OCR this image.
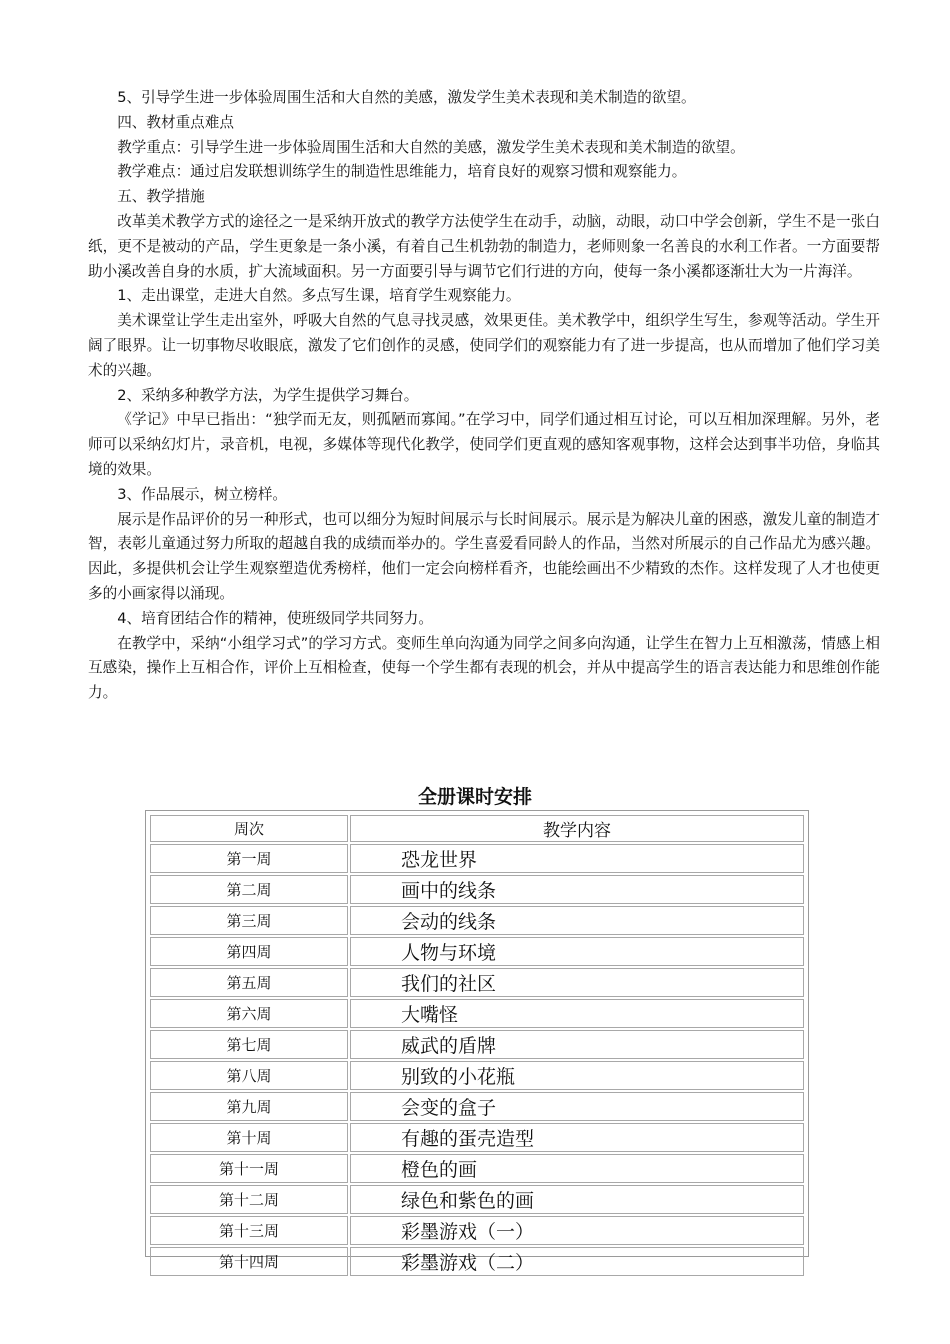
5、引导学生进一步体验周围生活和大自然的美感，激发学生美术表现和美术制造的欲望。

四、教材重点难点

教学重点：引导学生进一步体验周围生活和大自然的美感，激发学生美术表现和美术制造的欲望。

教学难点：通过启发联想训练学生的制造性思维能力，培育良好的观察习惯和观察能力。

五、教学措施

改革美术教学方式的途径之一是采纳开放式的教学方法使学生在动手，动脑，动眼，动口中学会创新，学生不是一张白纸，更不是被动的产品，学生更象是一条小溪，有着自己生机勃勃的制造力，老师则象一名善良的水利工作者。一方面要帮助小溪改善自身的水质，扩大流域面积。另一方面要引导与调节它们行进的方向，使每一条小溪都逐渐壮大为一片海洋。

1、走出课堂，走进大自然。多点写生课，培育学生观察能力。

美术课堂让学生走出室外，呼吸大自然的气息寻找灵感，效果更佳。美术教学中，组织学生写生，参观等活动。学生开阔了眼界。让一切事物尽收眼底，激发了它们创作的灵感，使同学们的观察能力有了进一步提高，也从而增加了他们学习美术的兴趣。

2、采纳多种教学方法，为学生提供学习舞台。

《学记》中早已指出：“独学而无友，则孤陋而寡闻。”在学习中，同学们通过相互讨论，可以互相加深理解。另外，老师可以采纳幻灯片，录音机，电视，多媒体等现代化教学，使同学们更直观的感知客观事物，这样会达到事半功倍，身临其境的效果。

3、作品展示，树立榜样。

展示是作品评价的另一种形式，也可以细分为短时间展示与长时间展示。展示是为解决儿童的困惑，激发儿童的制造才智，表彰儿童通过努力所取的超越自我的成绩而举办的。学生喜爱看同龄人的作品，当然对所展示的自己作品尤为感兴趣。因此，多提供机会让学生观察塑造优秀榜样，他们一定会向榜样看齐，也能绘画出不少精致的杰作。这样发现了人才也使更多的小画家得以涌现。

4、培育团结合作的精神，使班级同学共同努力。

在教学中，采纳“小组学习式”的学习方式。变师生单向沟通为同学之间多向沟通，让学生在智力上互相激荡，情感上相互感染，操作上互相合作，评价上互相检查，使每一个学生都有表现的机会，并从中提高学生的语言表达能力和思维创作能力。

全册课时安排
周次	教学内容
第一周	恐龙世界
第二周	画中的线条
第三周	会动的线条
第四周	人物与环境
第五周	我们的社区
第六周	大嘴怪
第七周	威武的盾牌
第八周	别致的小花瓶
第九周	会变的盒子
第十周	有趣的蛋壳造型
第十一周	橙色的画
第十二周	绿色和紫色的画
第十三周	彩墨游戏（一）
第十四周	彩墨游戏（二）
